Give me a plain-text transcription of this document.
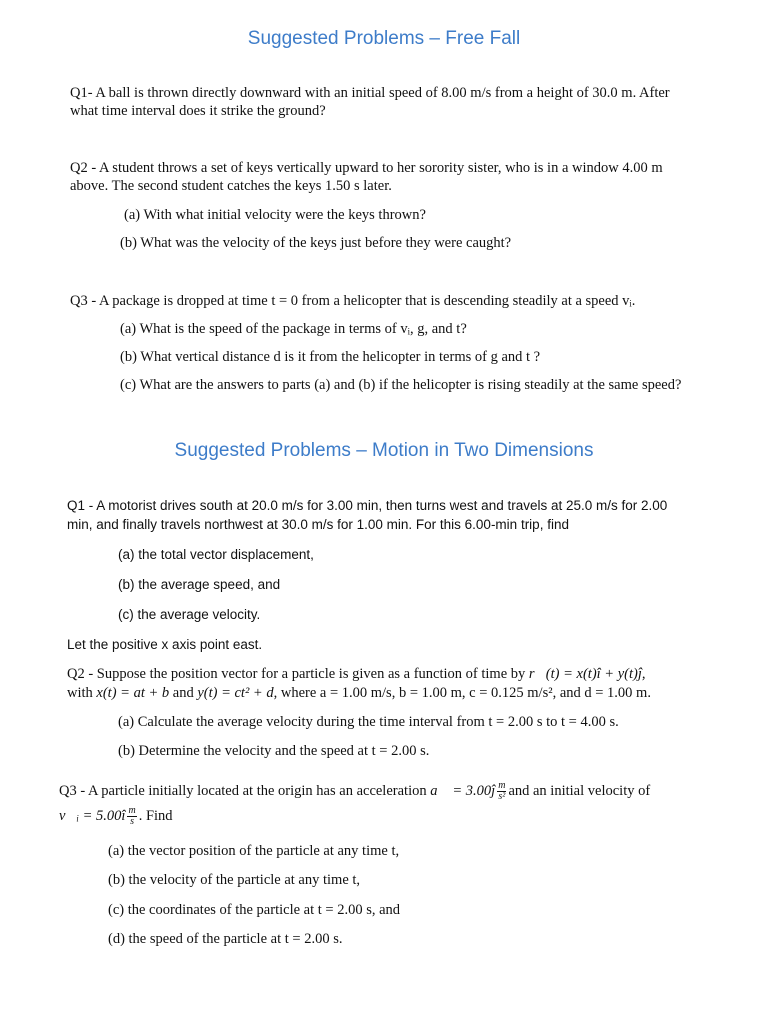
Suggested Problems – Free Fall
Q1- A ball is thrown directly downward with an initial speed of 8.00 m/s from a height of 30.0 m. After
what time interval does it strike the ground?
Q2 - A student throws a set of keys vertically upward to her sorority sister, who is in a window 4.00 m
above. The second student catches the keys 1.50 s later.
(a) With what initial velocity were the keys thrown?
(b) What was the velocity of the keys just before they were caught?
Q3 - A package is dropped at time t = 0 from a helicopter that is descending steadily at a speed vᵢ.
(a) What is the speed of the package in terms of vᵢ, g, and t?
(b) What vertical distance d is it from the helicopter in terms of g and t ?
(c) What are the answers to parts (a) and (b) if the helicopter is rising steadily at the same speed?
Suggested Problems – Motion in Two Dimensions
Q1 - A motorist drives south at 20.0 m/s for 3.00 min, then turns west and travels at 25.0 m/s for 2.00
min, and finally travels northwest at 30.0 m/s for 1.00 min. For this 6.00-min trip, find
(a) the total vector displacement,
(b) the average speed, and
(c) the average velocity.
Let the positive x axis point east.
Q2 - Suppose the position vector for a particle is given as a function of time by r⃗(t) = x(t)î + y(t)ĵ,
with x(t) = at + b and y(t) = ct² + d, where a = 1.00 m/s, b = 1.00 m, c = 0.125 m/s², and d = 1.00 m.
(a) Calculate the average velocity during the time interval from t = 2.00 s to t = 4.00 s.
(b) Determine the velocity and the speed at t = 2.00 s.
Q3 - A particle initially located at the origin has an acceleration a⃗ = 3.00ĵ $\frac{m}{\text{s²}}$ and an initial velocity of
v⃗ᵢ = 5.00î $\frac{m}{s}$ . Find
(a) the vector position of the particle at any time t,
(b) the velocity of the particle at any time t,
(c) the coordinates of the particle at t = 2.00 s, and
(d) the speed of the particle at t = 2.00 s.
